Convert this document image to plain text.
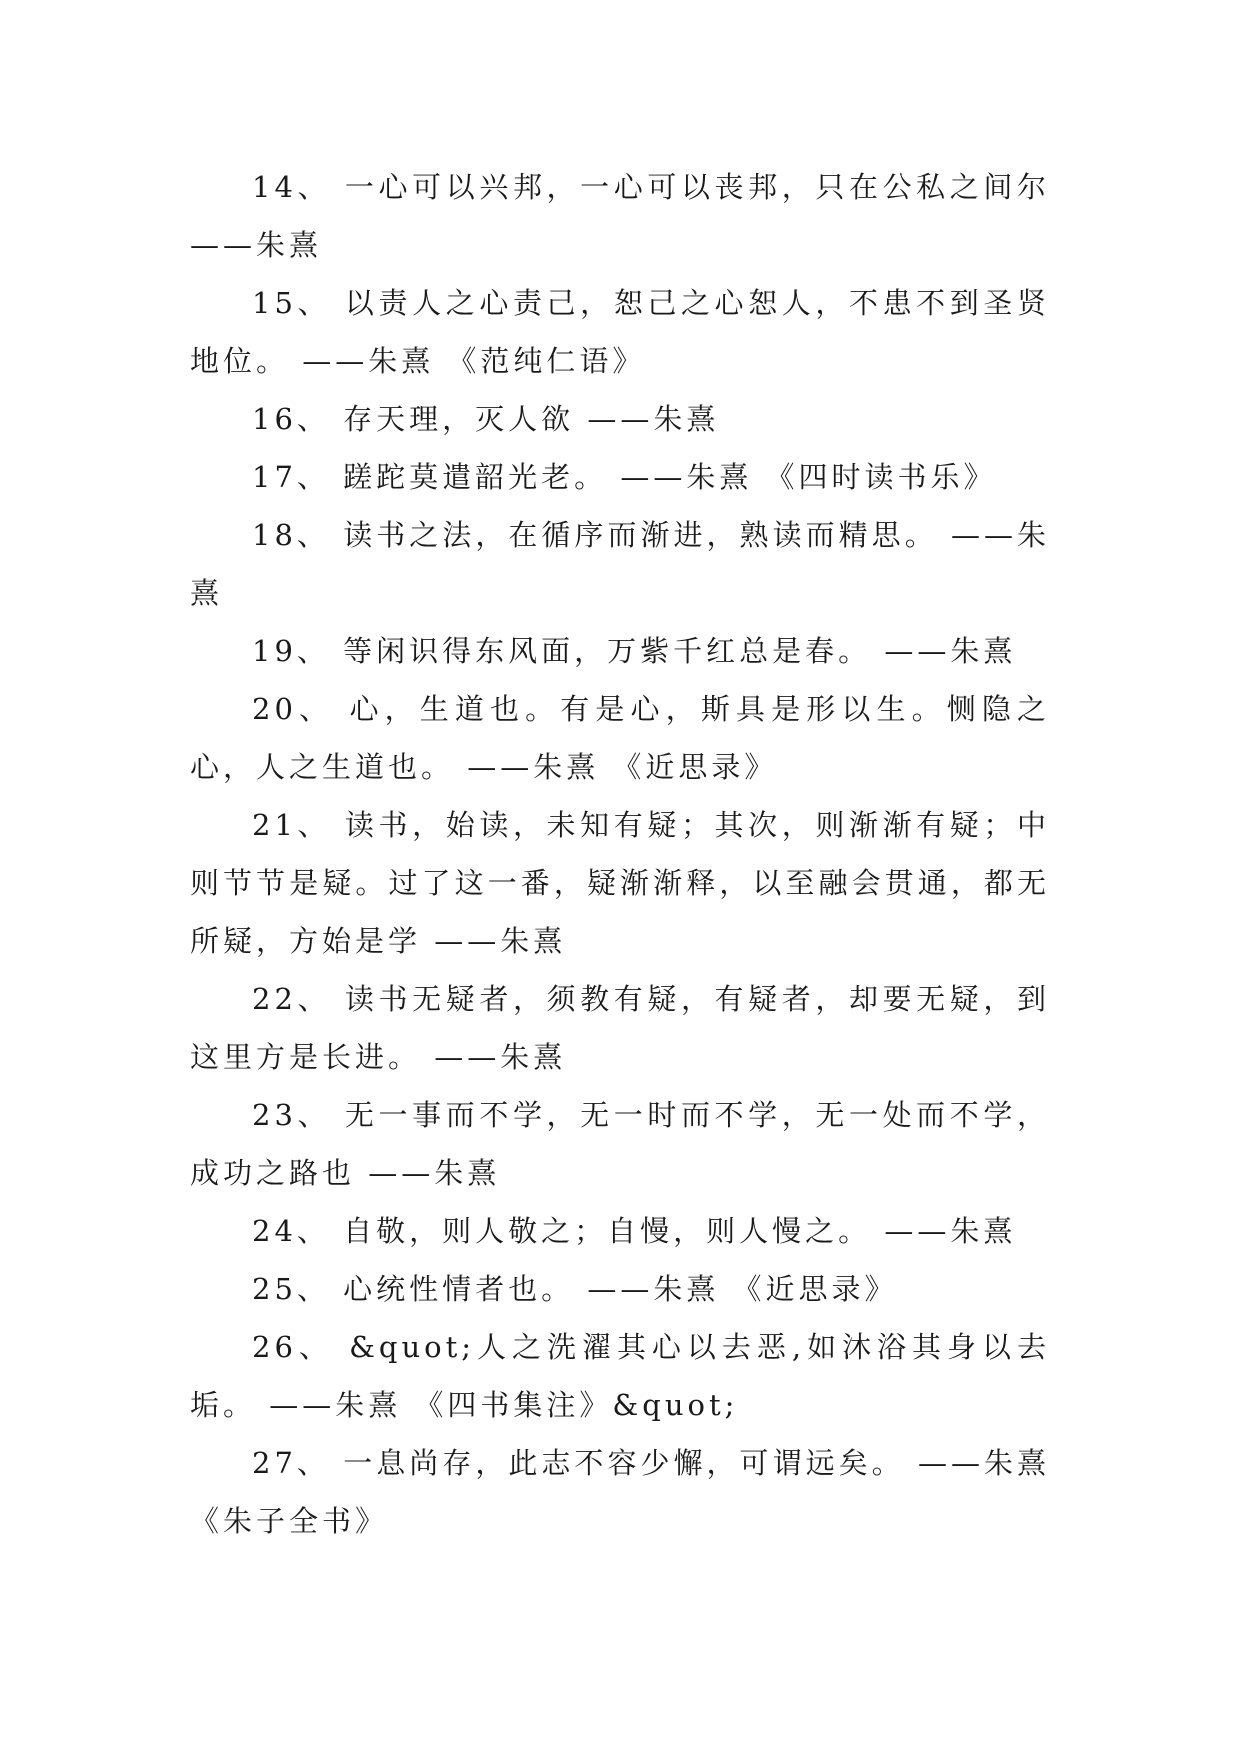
14、 一心可以兴邦，一心可以丧邦，只在公私之间尔 ——朱熹

15、 以责人之心责己，恕己之心恕人，不患不到圣贤地位。 ——朱熹 《范纯仁语》

16、 存天理，灭人欲 ——朱熹

17、 蹉跎莫遣韶光老。 ——朱熹 《四时读书乐》

18、 读书之法，在循序而渐进，熟读而精思。 ——朱熹

19、 等闲识得东风面，万紫千红总是春。 ——朱熹

20、 心，生道也。有是心，斯具是形以生。恻隐之心，人之生道也。 ——朱熹 《近思录》

21、 读书，始读，未知有疑；其次，则渐渐有疑；中则节节是疑。过了这一番，疑渐渐释，以至融会贯通，都无所疑，方始是学 ——朱熹

22、 读书无疑者，须教有疑，有疑者，却要无疑，到这里方是长进。 ——朱熹

23、 无一事而不学，无一时而不学，无一处而不学，成功之路也 ——朱熹

24、 自敬，则人敬之；自慢，则人慢之。 ——朱熹

25、 心统性情者也。 ——朱熹 《近思录》

26、 &quot;人之洗濯其心以去恶,如沐浴其身以去垢。 ——朱熹 《四书集注》&quot;

27、 一息尚存，此志不容少懈，可谓远矣。 ——朱熹 《朱子全书》
